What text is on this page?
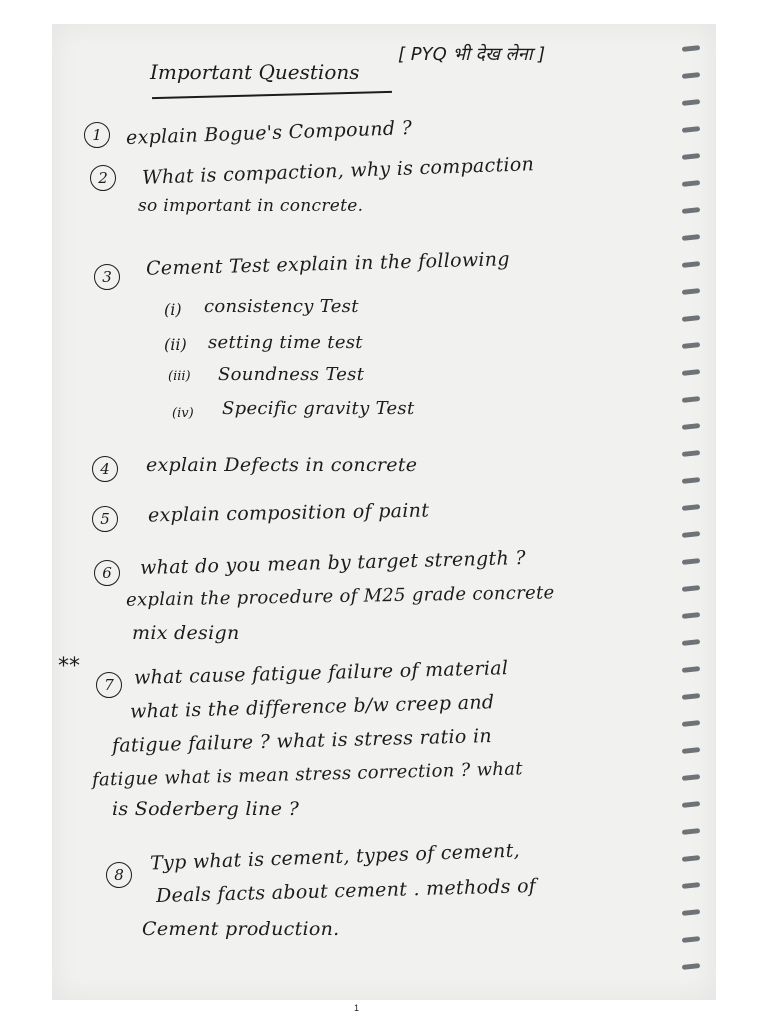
Important Questions
[ PYQ भी देख लेना ]
1	explain Bogue's Compound ?
2	What is compaction, why is compaction
so important in concrete.
3	Cement Test explain in the following
(i) consistency Test
(ii) setting time test
(iii) Soundness Test
(iv) Specific gravity Test
4	explain Defects in concrete
5	explain composition of paint
6	what do you mean by target strength ?
explain the procedure of M25 grade concrete
mix design
**
7	what cause fatigue failure of material
what is the difference b/w creep and
fatigue failure ? what is stress ratio in
fatigue what is mean stress correction ? what
is Soderberg line ?
8
Typ what is cement, types of cement,
Deals facts about cement . methods of
Cement production.
1
